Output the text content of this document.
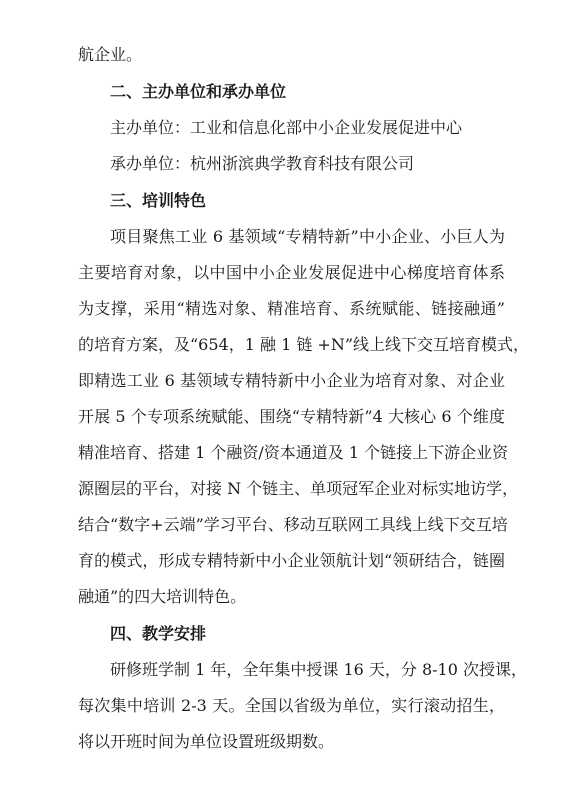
航企业。
二、主办单位和承办单位
主办单位：工业和信息化部中小企业发展促进中心
承办单位：杭州浙滨典学教育科技有限公司
三、培训特色
项目聚焦工业 6 基领域“专精特新”中小企业、小巨人为
主要培育对象，以中国中小企业发展促进中心梯度培育体系
为支撑，采用“精选对象、精准培育、系统赋能、链接融通”
的培育方案，及“654，1 融 1 链 +N”线上线下交互培育模式，
即精选工业 6 基领域专精特新中小企业为培育对象、对企业
开展 5 个专项系统赋能、围绕“专精特新”4 大核心 6 个维度
精准培育、搭建 1 个融资/资本通道及 1 个链接上下游企业资
源圈层的平台，对接 N 个链主、单项冠军企业对标实地访学，
结合“数字+云端”学习平台、移动互联网工具线上线下交互培
育的模式，形成专精特新中小企业领航计划“领研结合，链圈
融通”的四大培训特色。
四、教学安排
研修班学制 1 年，全年集中授课 16 天，分 8-10 次授课，
每次集中培训 2-3 天。全国以省级为单位，实行滚动招生，
将以开班时间为单位设置班级期数。
